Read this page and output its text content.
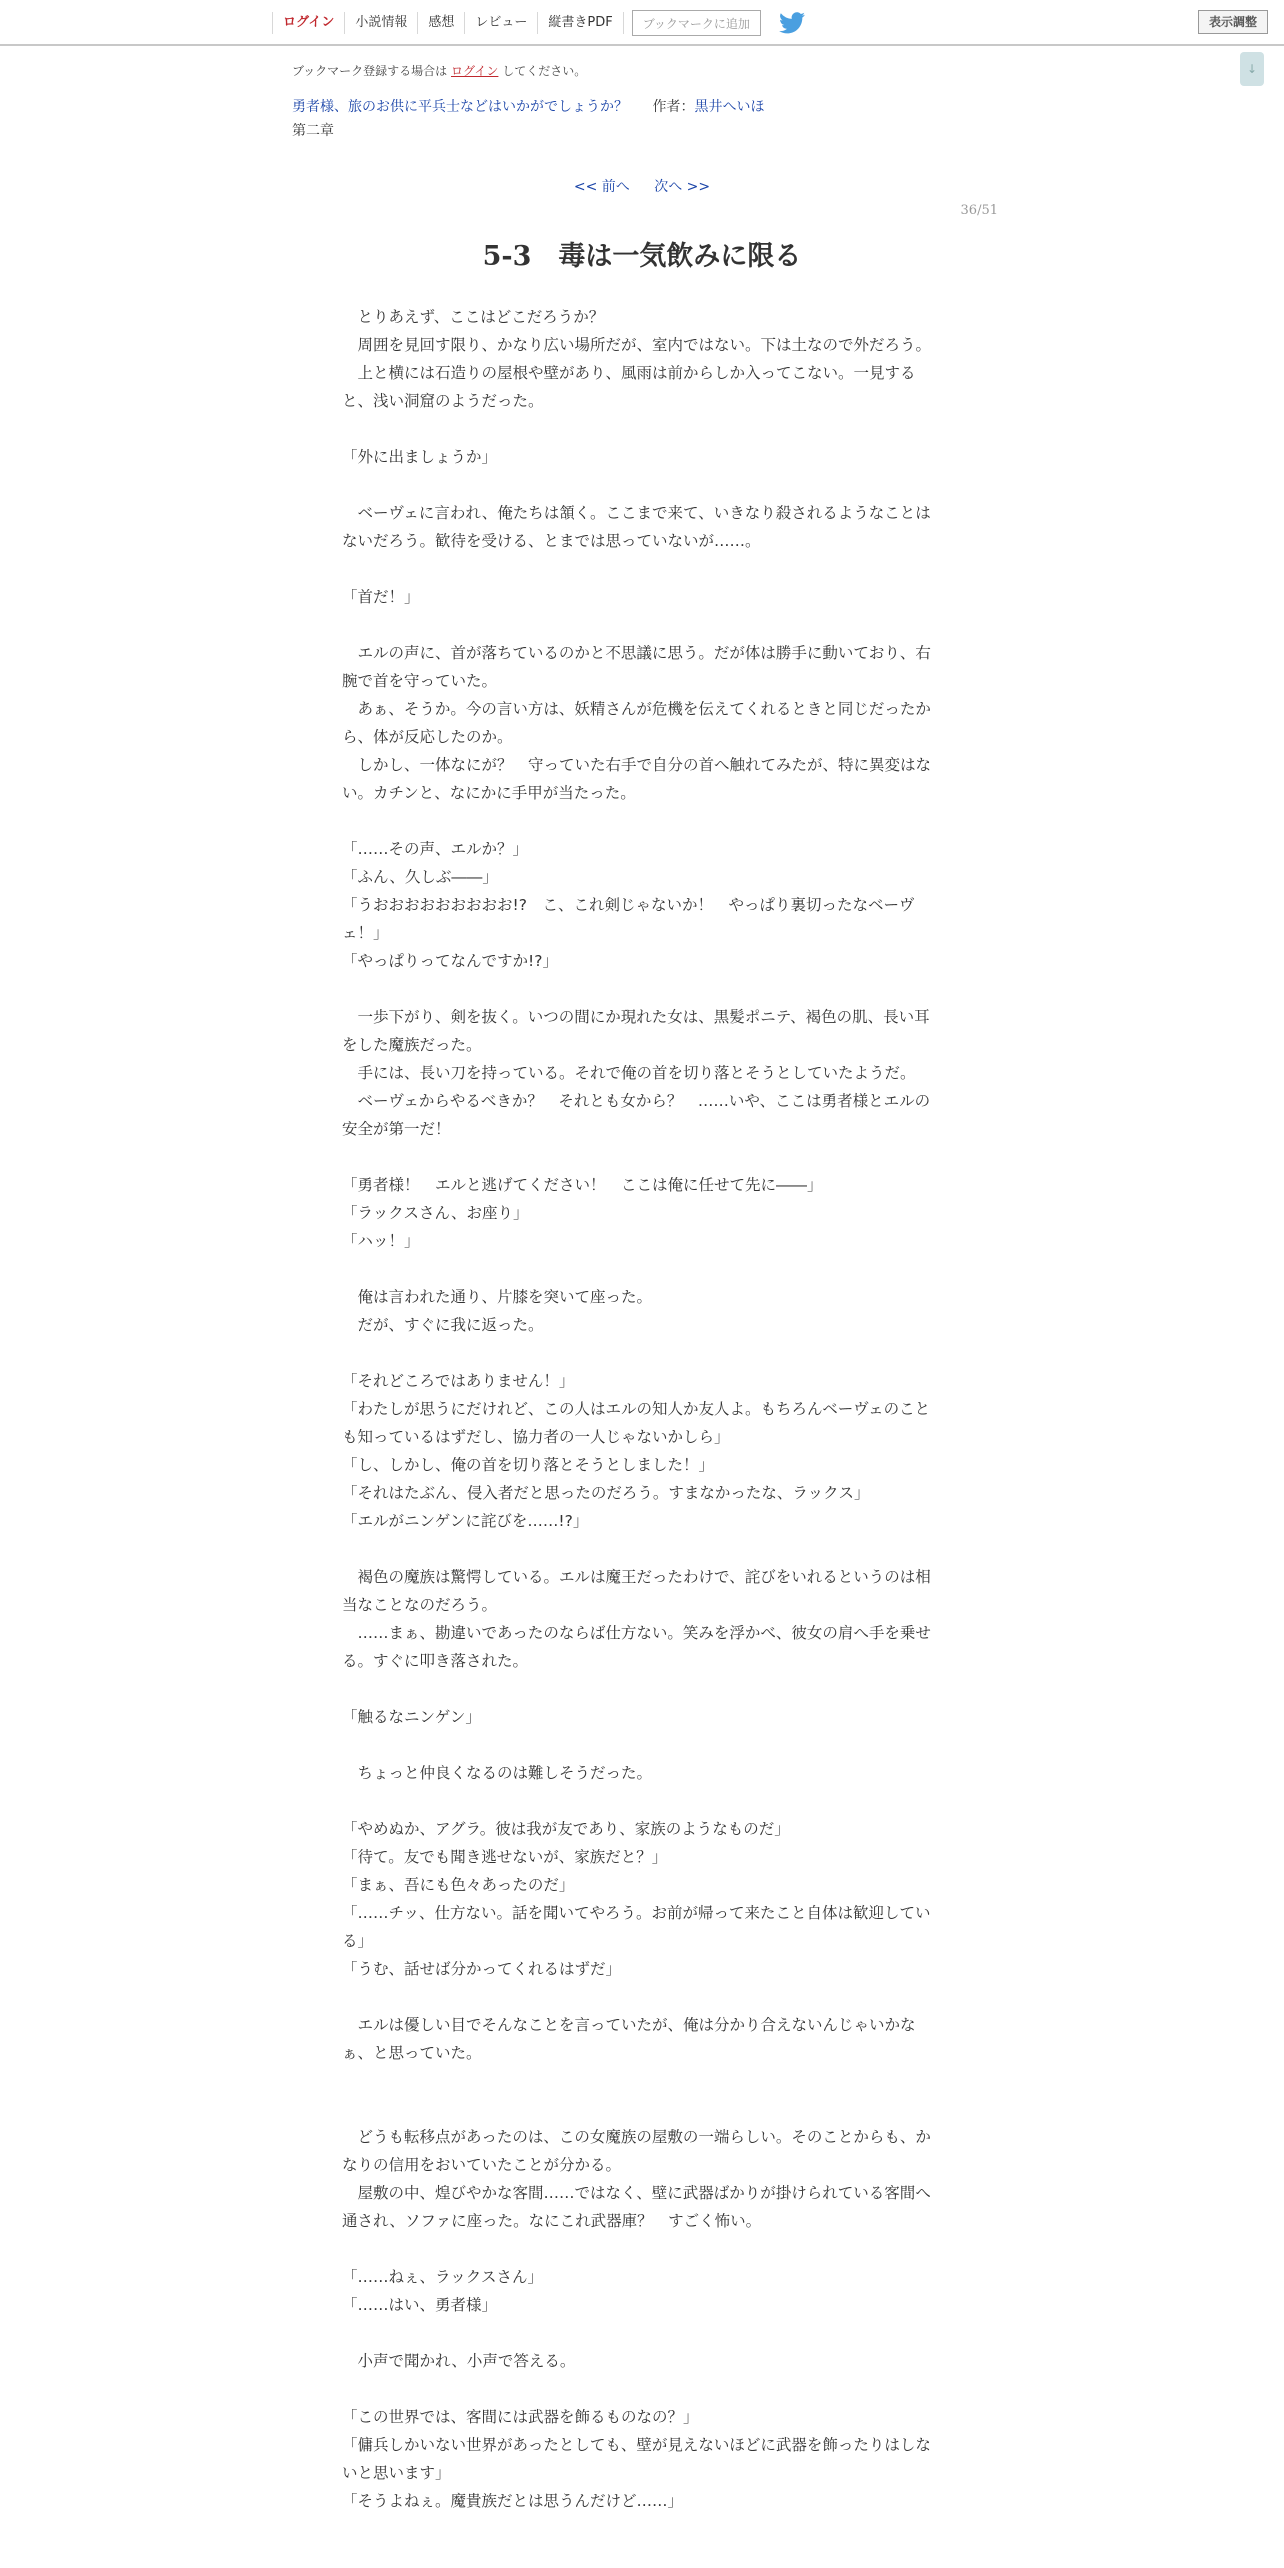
ログイン	小説情報	感想	レビュー	縦書きPDF	ブックマークに追加	表示調整
↓
ブックマーク登録する場合は ログイン してください。
勇者様、旅のお供に平兵士などはいかがでしょうか？ 作者：黒井へいほ
第二章
<< 前へ 次へ >>
36/51
5-3　毒は一気飲みに限る

　とりあえず、ここはどこだろうか？

　周囲を見回す限り、かなり広い場所だが、室内ではない。下は土なので外だろう。

　上と横には石造りの屋根や壁があり、風雨は前からしか入ってこない。一見すると、浅い洞窟のようだった。

「外に出ましょうか」

　ベーヴェに言われ、俺たちは頷く。ここまで来て、いきなり殺されるようなことはないだろう。歓待を受ける、とまでは思っていないが……。

「首だ！」

　エルの声に、首が落ちているのかと不思議に思う。だが体は勝手に動いており、右腕で首を守っていた。

　あぁ、そうか。今の言い方は、妖精さんが危機を伝えてくれるときと同じだったから、体が反応したのか。

　しかし、一体なにが？　守っていた右手で自分の首へ触れてみたが、特に異変はない。カチンと、なにかに手甲が当たった。

「……その声、エルか？」

「ふん、久しぶ――」

「うおおおおおおおおお!?　こ、これ剣じゃないか！　やっぱり裏切ったなベーヴェ！」

「やっぱりってなんですか!?」

　一歩下がり、剣を抜く。いつの間にか現れた女は、黒髪ポニテ、褐色の肌、長い耳をした魔族だった。

　手には、長い刀を持っている。それで俺の首を切り落とそうとしていたようだ。

　ベーヴェからやるべきか？　それとも女から？　……いや、ここは勇者様とエルの安全が第一だ！

「勇者様！　エルと逃げてください！　ここは俺に任せて先に――」

「ラックスさん、お座り」

「ハッ！」

　俺は言われた通り、片膝を突いて座った。

　だが、すぐに我に返った。

「それどころではありません！」

「わたしが思うにだけれど、この人はエルの知人か友人よ。もちろんベーヴェのことも知っているはずだし、協力者の一人じゃないかしら」

「し、しかし、俺の首を切り落とそうとしました！」

「それはたぶん、侵入者だと思ったのだろう。すまなかったな、ラックス」

「エルがニンゲンに詫びを……!?」

　褐色の魔族は驚愕している。エルは魔王だったわけで、詫びをいれるというのは相当なことなのだろう。

　……まぁ、勘違いであったのならば仕方ない。笑みを浮かべ、彼女の肩へ手を乗せる。すぐに叩き落された。

「触るなニンゲン」

　ちょっと仲良くなるのは難しそうだった。

「やめぬか、アグラ。彼は我が友であり、家族のようなものだ」

「待て。友でも聞き逃せないが、家族だと？」

「まぁ、吾にも色々あったのだ」

「……チッ、仕方ない。話を聞いてやろう。お前が帰って来たこと自体は歓迎している」

「うむ、話せば分かってくれるはずだ」

　エルは優しい目でそんなことを言っていたが、俺は分かり合えないんじゃいかなぁ、と思っていた。

　どうも転移点があったのは、この女魔族の屋敷の一端らしい。そのことからも、かなりの信用をおいていたことが分かる。

　屋敷の中、煌びやかな客間……ではなく、壁に武器ばかりが掛けられている客間へ通され、ソファに座った。なにこれ武器庫？　すごく怖い。

「……ねぇ、ラックスさん」

「……はい、勇者様」

　小声で聞かれ、小声で答える。

「この世界では、客間には武器を飾るものなの？」

「傭兵しかいない世界があったとしても、壁が見えないほどに武器を飾ったりはしないと思います」

「そうよねぇ。魔貴族だとは思うんだけど……」
